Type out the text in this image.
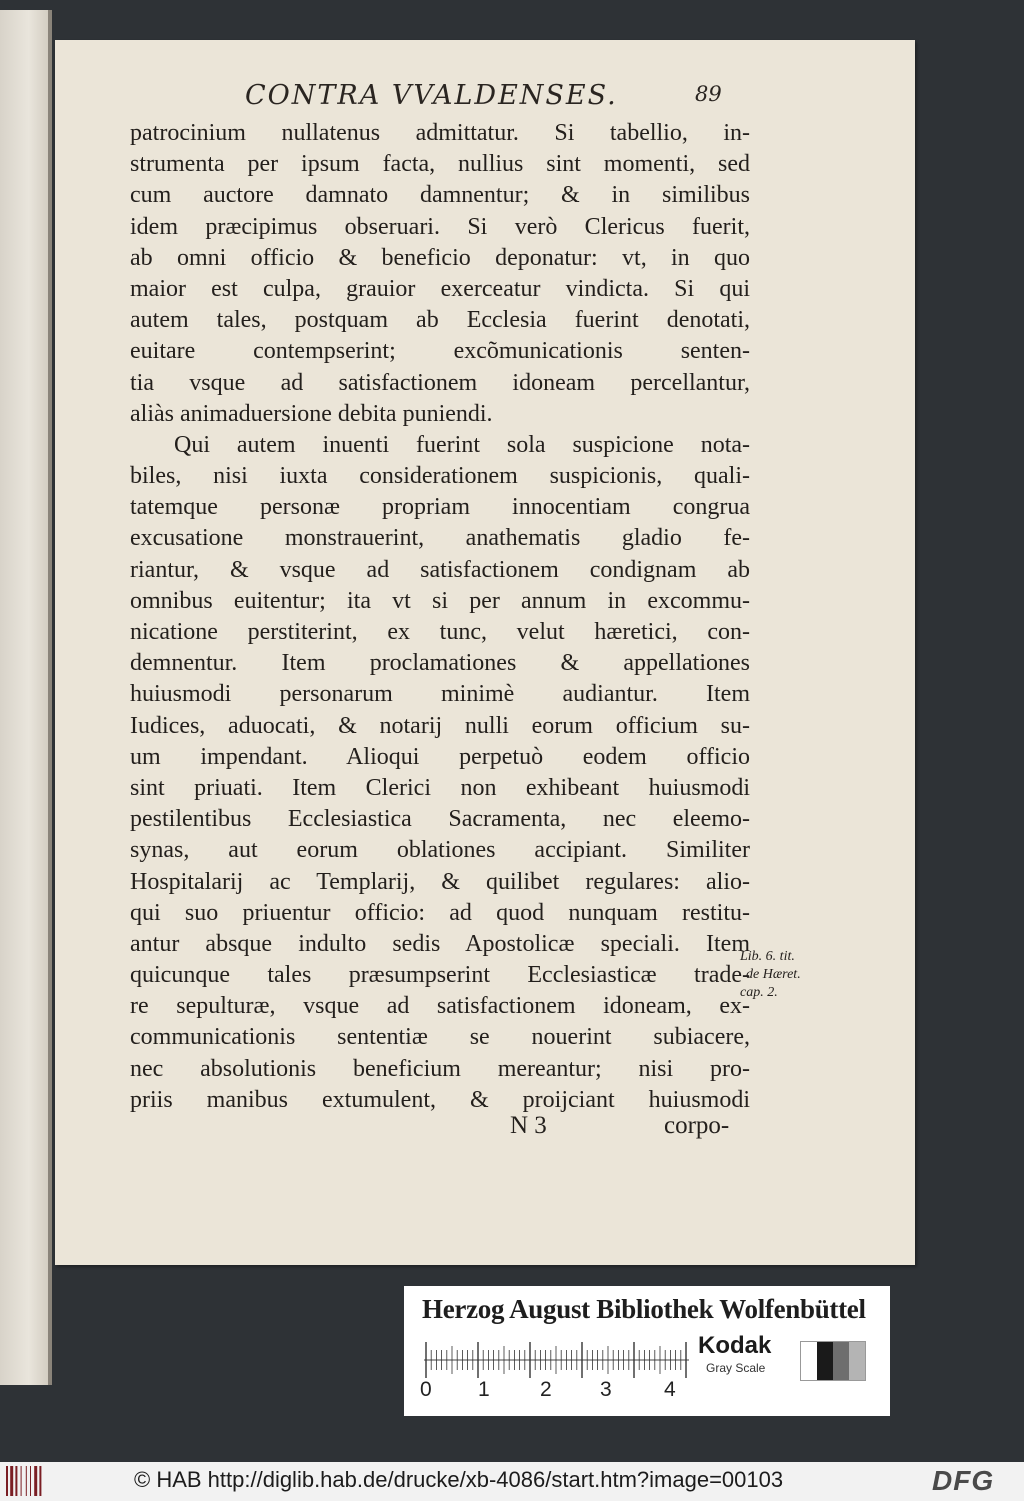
CONTRA VVALDENSES.	89
patrocinium nullatenus admittatur. Si tabellio, in-
strumenta per ipsum facta, nullius sint momenti, sed
cum auctore damnato damnentur; & in similibus
idem præcipimus obseruari. Si verò Clericus fuerit,
ab omni officio & beneficio deponatur: vt, in quo
maior est culpa, grauior exerceatur vindicta. Si qui
autem tales, postquam ab Ecclesia fuerint denotati,
euitare contempserint; excõmunicationis senten-
tia vsque ad satisfactionem idoneam percellantur,
aliàs animaduersione debita puniendi.
Qui autem inuenti fuerint sola suspicione nota-
biles, nisi iuxta considerationem suspicionis, quali-
tatemque personæ propriam innocentiam congrua
excusatione monstrauerint, anathematis gladio fe-
riantur, & vsque ad satisfactionem condignam ab
omnibus euitentur; ita vt si per annum in excommu-
nicatione perstiterint, ex tunc, velut hæretici, con-
demnentur. Item proclamationes & appellationes
huiusmodi personarum minimè audiantur. Item
Iudices, aduocati, & notarij nulli eorum officium su-
um impendant. Alioqui perpetuò eodem officio
sint priuati. Item Clerici non exhibeant huiusmodi
pestilentibus Ecclesiastica Sacramenta, nec eleemo-
synas, aut eorum oblationes accipiant. Similiter
Hospitalarij ac Templarij, & quilibet regulares: alio-
qui suo priuentur officio: ad quod nunquam restitu-
antur absque indulto sedis Apostolicæ speciali. Item
quicunque tales præsumpserint Ecclesiasticæ trade-
re sepulturæ, vsque ad satisfactionem idoneam, ex-
communicationis sententiæ se nouerint subiacere,
nec absolutionis beneficium mereantur; nisi pro-
priis manibus extumulent, & proijciant huiusmodi
Lib. 6. tit.
de Hæret.
cap. 2.
N 3	corpo-
Herzog August Bibliothek Wolfenbüttel
0 1 2 3 4
Kodak
Gray Scale
© HAB http://diglib.hab.de/drucke/xb-4086/start.htm?image=00103	DFG
